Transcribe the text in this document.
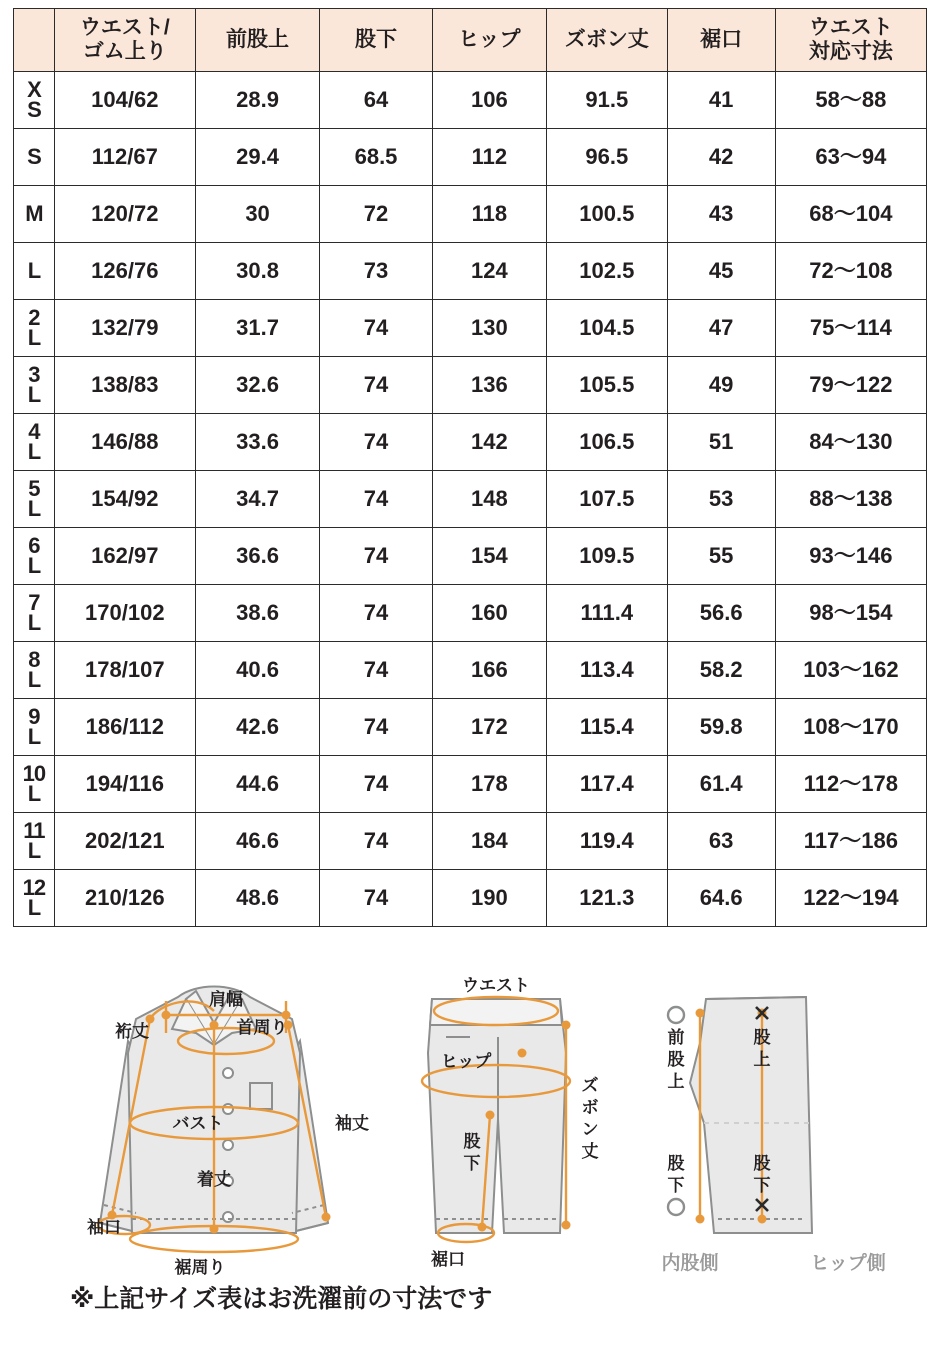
	ウエスト/
ゴム上り	前股上	股下	ヒップ	ズボン丈	裾口	ウエスト
対応寸法

X
S	104/62	28.9	64	106	91.5	41	58〜88

S	112/67	29.4	68.5	112	96.5	42	63〜94

M	120/72	30	72	118	100.5	43	68〜104

L	126/76	30.8	73	124	102.5	45	72〜108

2
L	132/79	31.7	74	130	104.5	47	75〜114

3
L	138/83	32.6	74	136	105.5	49	79〜122

4
L	146/88	33.6	74	142	106.5	51	84〜130

5
L	154/92	34.7	74	148	107.5	53	88〜138

6
L	162/97	36.6	74	154	109.5	55	93〜146

7
L	170/102	38.6	74	160	111.4	56.6	98〜154

8
L	178/107	40.6	74	166	113.4	58.2	103〜162

9
L	186/112	42.6	74	172	115.4	59.8	108〜170

10
L	194/116	44.6	74	178	117.4	61.4	112〜178

11
L	202/121	46.6	74	184	119.4	63	117〜186

12
L	210/126	48.6	74	190	121.3	64.6	122〜194
肩幅
首周り
裄丈
バスト	袖丈
着丈
袖口
裾周り
ウエスト
ヒップ
裾口
股
下
ズ
ボ
ン
丈
前
股
上
股
上
股
下
股
下
内股側	ヒップ側
※上記サイズ表はお洗濯前の寸法です
